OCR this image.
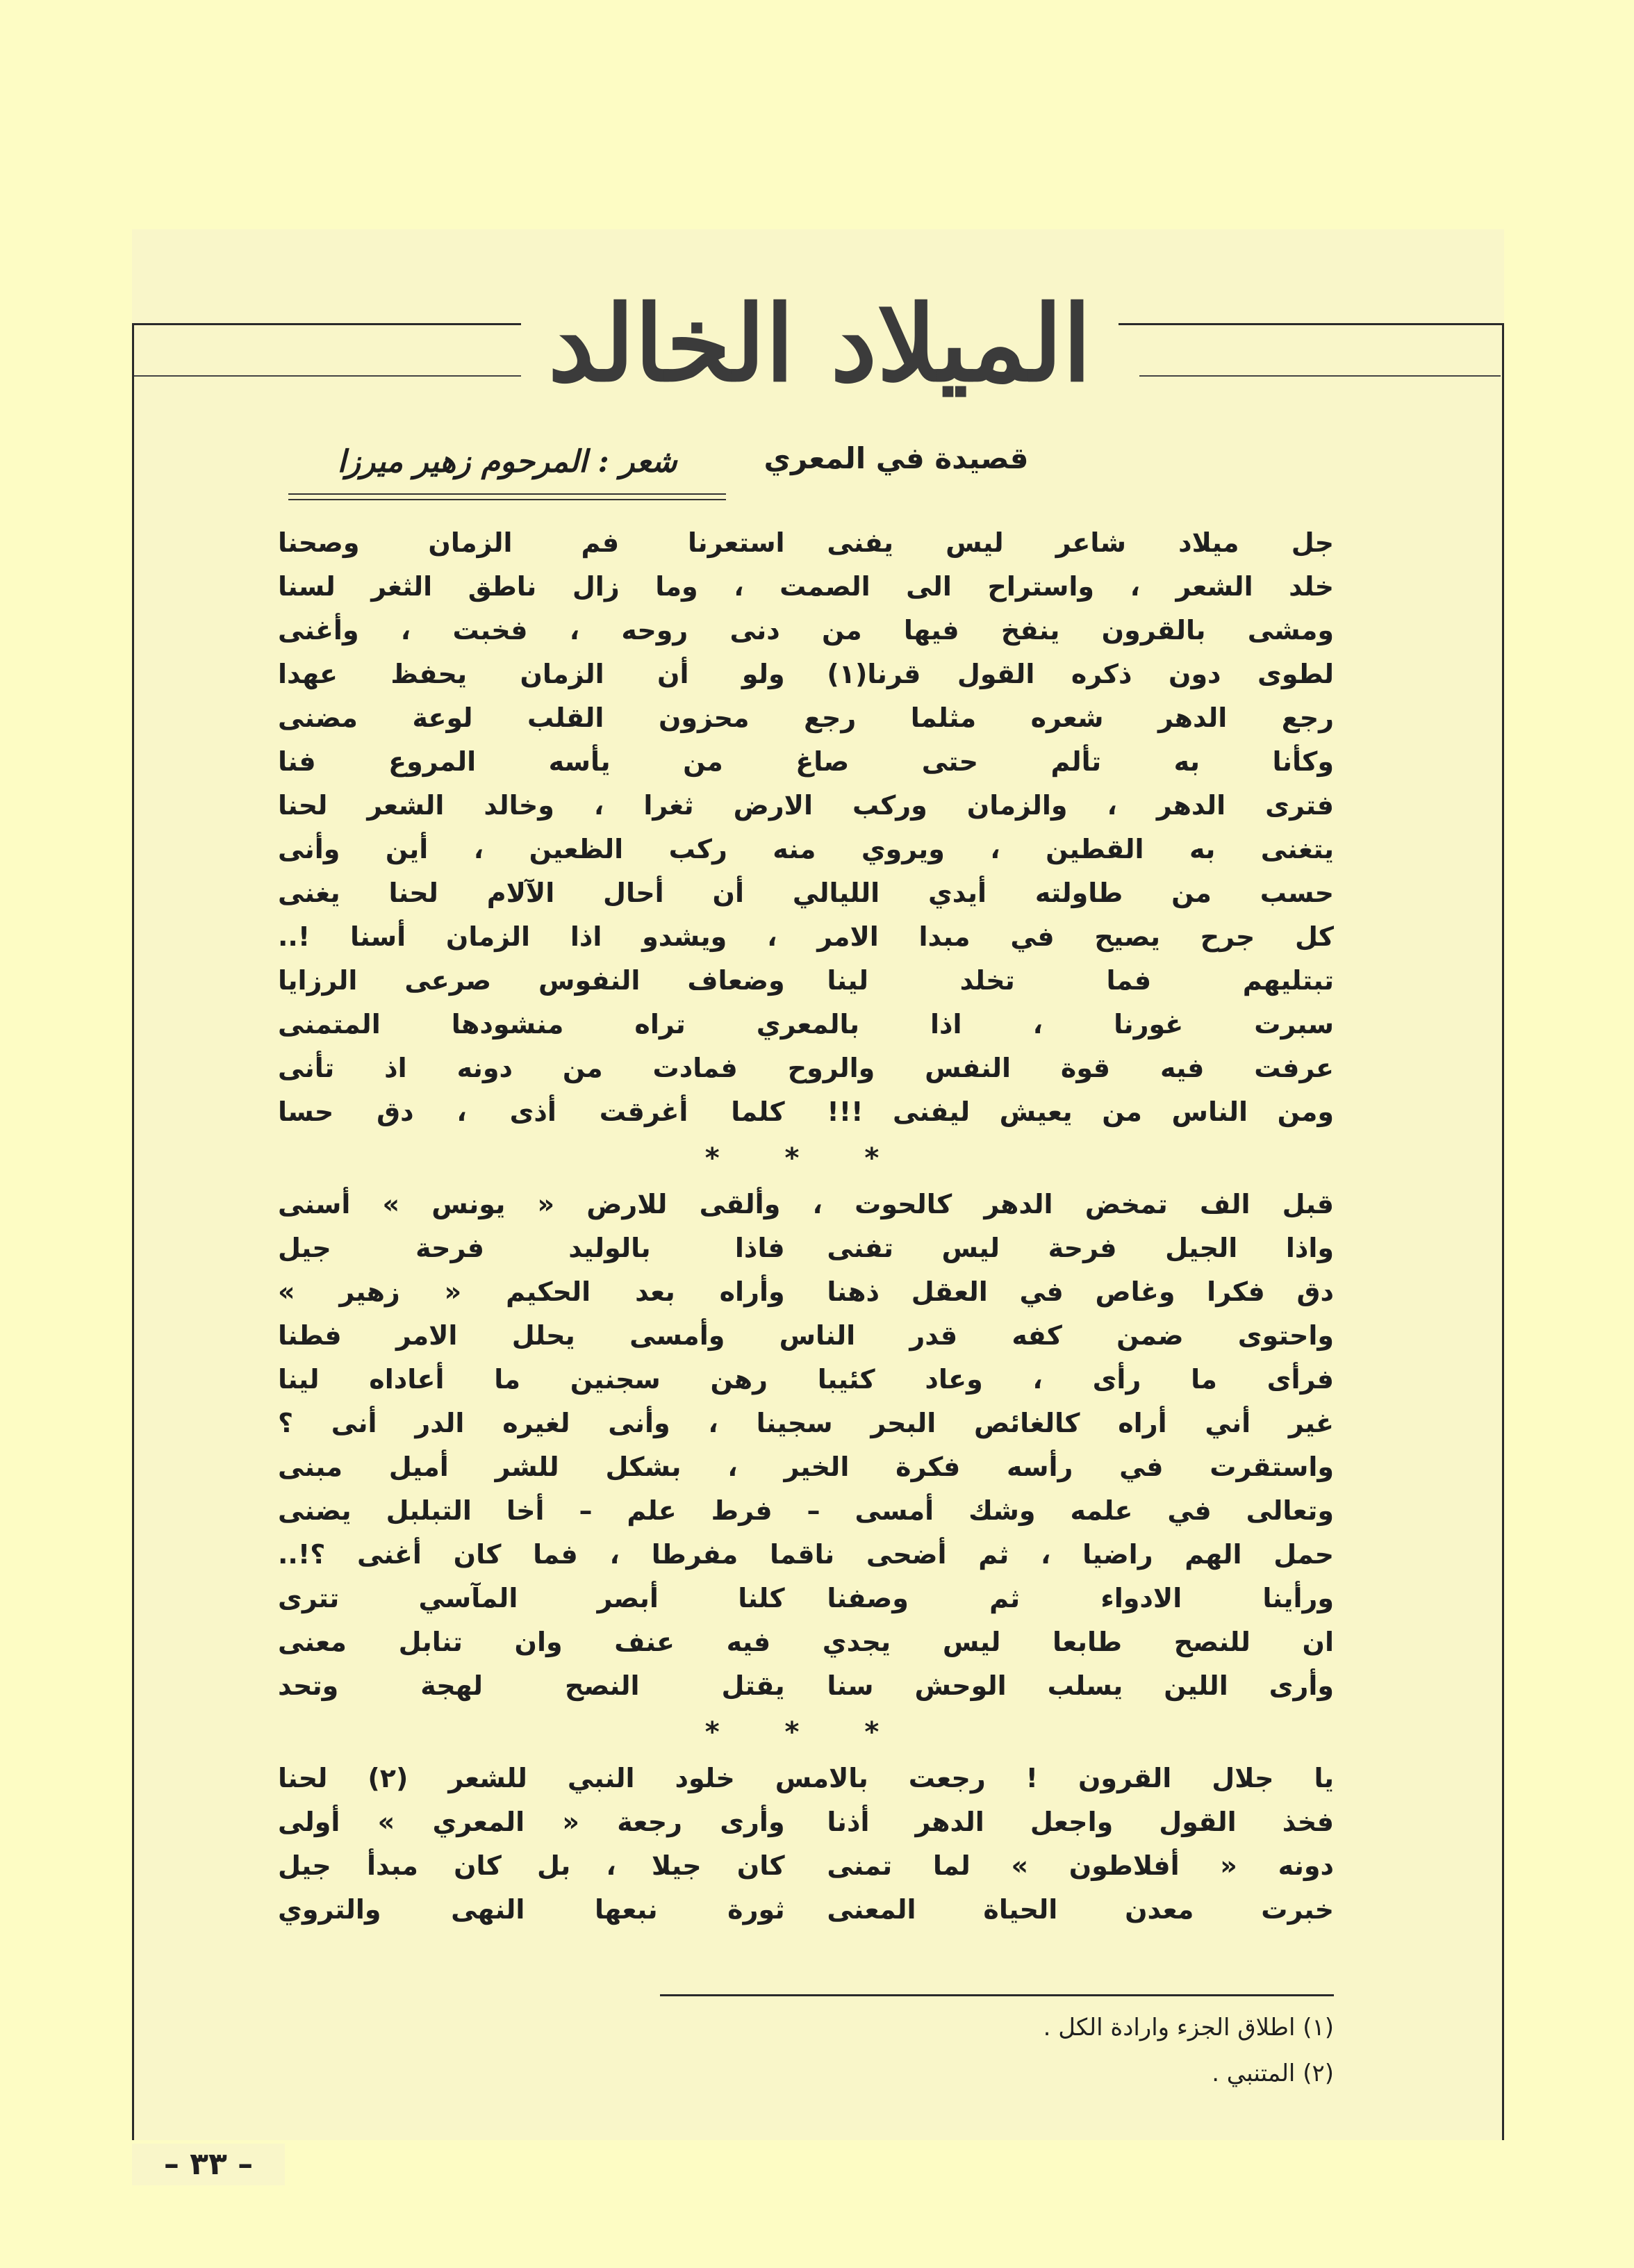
الميلاد الخالد
قصيدة في المعري
شعر : المرحوم زهير ميرزا
استعرنا فم الزمان وصحنا جل ميلاد شاعر ليس يفنى
خلد الشعر ، واستراح الى الصمت ، وما زال ناطق الثغر لسنا
ومشى بالقرون ينفخ فيها من دنى روحه ، فخبت ، وأغنى
ولو أن الزمان يحفظ عهدا لطوى دون ذكره القول قرنا(١)
رجع الدهر شعره مثلما رجع محزون القلب لوعة مضنى
وكأنا به تألم حتى صاغ من يأسه المروع فنا
فترى الدهر ، والزمان وركب الارض ثغرا ، وخالد الشعر لحنا
يتغنى به القطين ، ويروي منه ركب الظعين ، أين وأنى
حسب من طاولته أيدي الليالي أن أحال الآلام لحنا يغنى
كل جرح يصيح في مبدا الامر ، ويشدو اذا الزمان أسنا !..
وضعاف النفوس صرعى الرزايا تبتليهم فما تخلد لينا
سبرت غورنا ، اذا بالمعري تراه منشودها المتمنى
عرفت فيه قوة النفس والروح فمادت من دونه اذ تأنى
كلما أغرقت أذى ، دق حسا ومن الناس من يعيش ليفنى !!!
* * *
قبل الف تمخض الدهر كالحوت ، وألقى للارض « يونس » أسنى
فاذا بالوليد فرحة جيل واذا الجيل فرحة ليس تفنى
وأراه بعد الحكيم « زهير » دق فكرا وغاص في العقل ذهنا
واحتوى ضمن كفه قدر الناس وأمسى يحلل الامر فطنا
فرأى ما رأى ، وعاد كئيبا رهن سجنين ما أعاداه لينا
غير أني أراه كالغائص البحر سجينا ، وأنى لغيره الدر أنى ؟
واستقرت في رأسه فكرة الخير ، بشكل للشر أميل مبنى
وتعالى في علمه وشك أمسى – فرط علم – أخا التبلبل يضنى
حمل الهم راضيا ، ثم أضحى ناقما مفرطا ، فما كان أغنى ؟!..
كلنا أبصر المآسي تترى ورأينا الادواء ثم وصفنا
ان للنصح طابعا ليس يجدي فيه عنف وان تنابل معنى
يقتل النصح لهجة وتحد وأرى اللين يسلب الوحش سنا
* * *
يا جلال القرون ! رجعت بالامس خلود النبي للشعر (٢) لحنا
وأرى رجعة « المعري » أولى فخذ القول واجعل الدهر أذنا
كان جيلا ، بل كان مبدأ جيل دونه « أفلاطون » لما تمنى
ثورة نبعها النهى والتروي خبرت معدن الحياة المعنى
(١) اطلاق الجزء وارادة الكل .
(٢) المتنبي .
– ٣٣ –
